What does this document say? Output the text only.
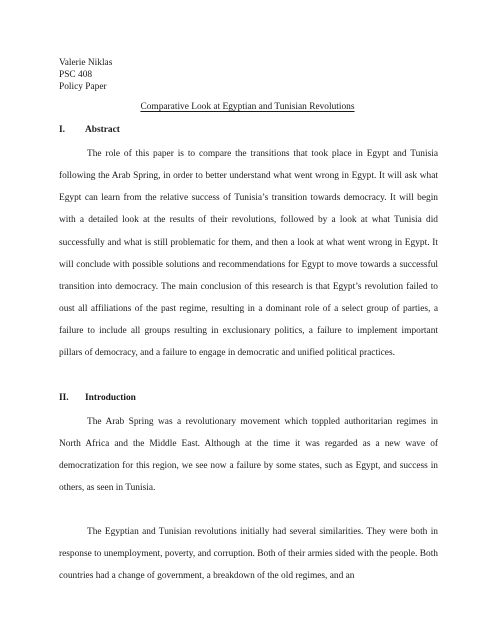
Valerie Niklas
PSC 408
Policy Paper
Comparative Look at Egyptian and Tunisian Revolutions
I. Abstract

The role of this paper is to compare the transitions that took place in Egypt and Tunisia following the Arab Spring, in order to better understand what went wrong in Egypt. It will ask what Egypt can learn from the relative success of Tunisia’s transition towards democracy. It will begin with a detailed look at the results of their revolutions, followed by a look at what Tunisia did successfully and what is still problematic for them, and then a look at what went wrong in Egypt. It will conclude with possible solutions and recommendations for Egypt to move towards a successful transition into democracy. The main conclusion of this research is that Egypt’s revolution failed to oust all affiliations of the past regime, resulting in a dominant role of a select group of parties, a failure to include all groups resulting in exclusionary politics, a failure to implement important pillars of democracy, and a failure to engage in democratic and unified political practices.

II. Introduction

The Arab Spring was a revolutionary movement which toppled authoritarian regimes in North Africa and the Middle East. Although at the time it was regarded as a new wave of democratization for this region, we see now a failure by some states, such as Egypt, and success in others, as seen in Tunisia.

The Egyptian and Tunisian revolutions initially had several similarities. They were both in response to unemployment, poverty, and corruption. Both of their armies sided with the people. Both countries had a change of government, a breakdown of the old regimes, and an
